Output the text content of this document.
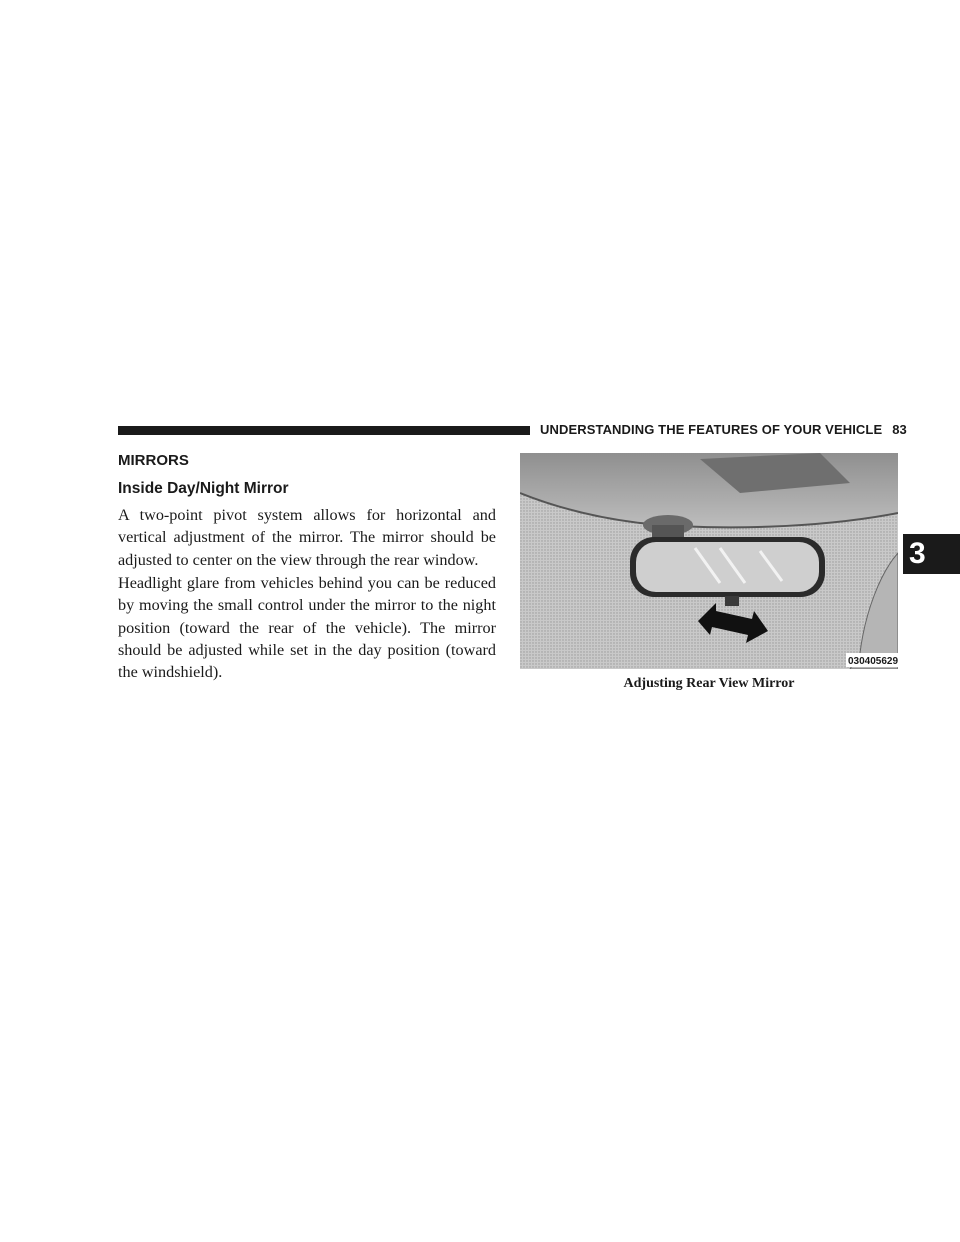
UNDERSTANDING THE FEATURES OF YOUR VEHICLE 83
3
MIRRORS
Inside Day/Night Mirror

A two-point pivot system allows for horizontal and vertical adjustment of the mirror. The mirror should be adjusted to center on the view through the rear window.

Headlight glare from vehicles behind you can be reduced by moving the small control under the mirror to the night position (toward the rear of the vehicle). The mirror should be adjusted while set in the day position (toward the windshield).

030405629
Adjusting Rear View Mirror
